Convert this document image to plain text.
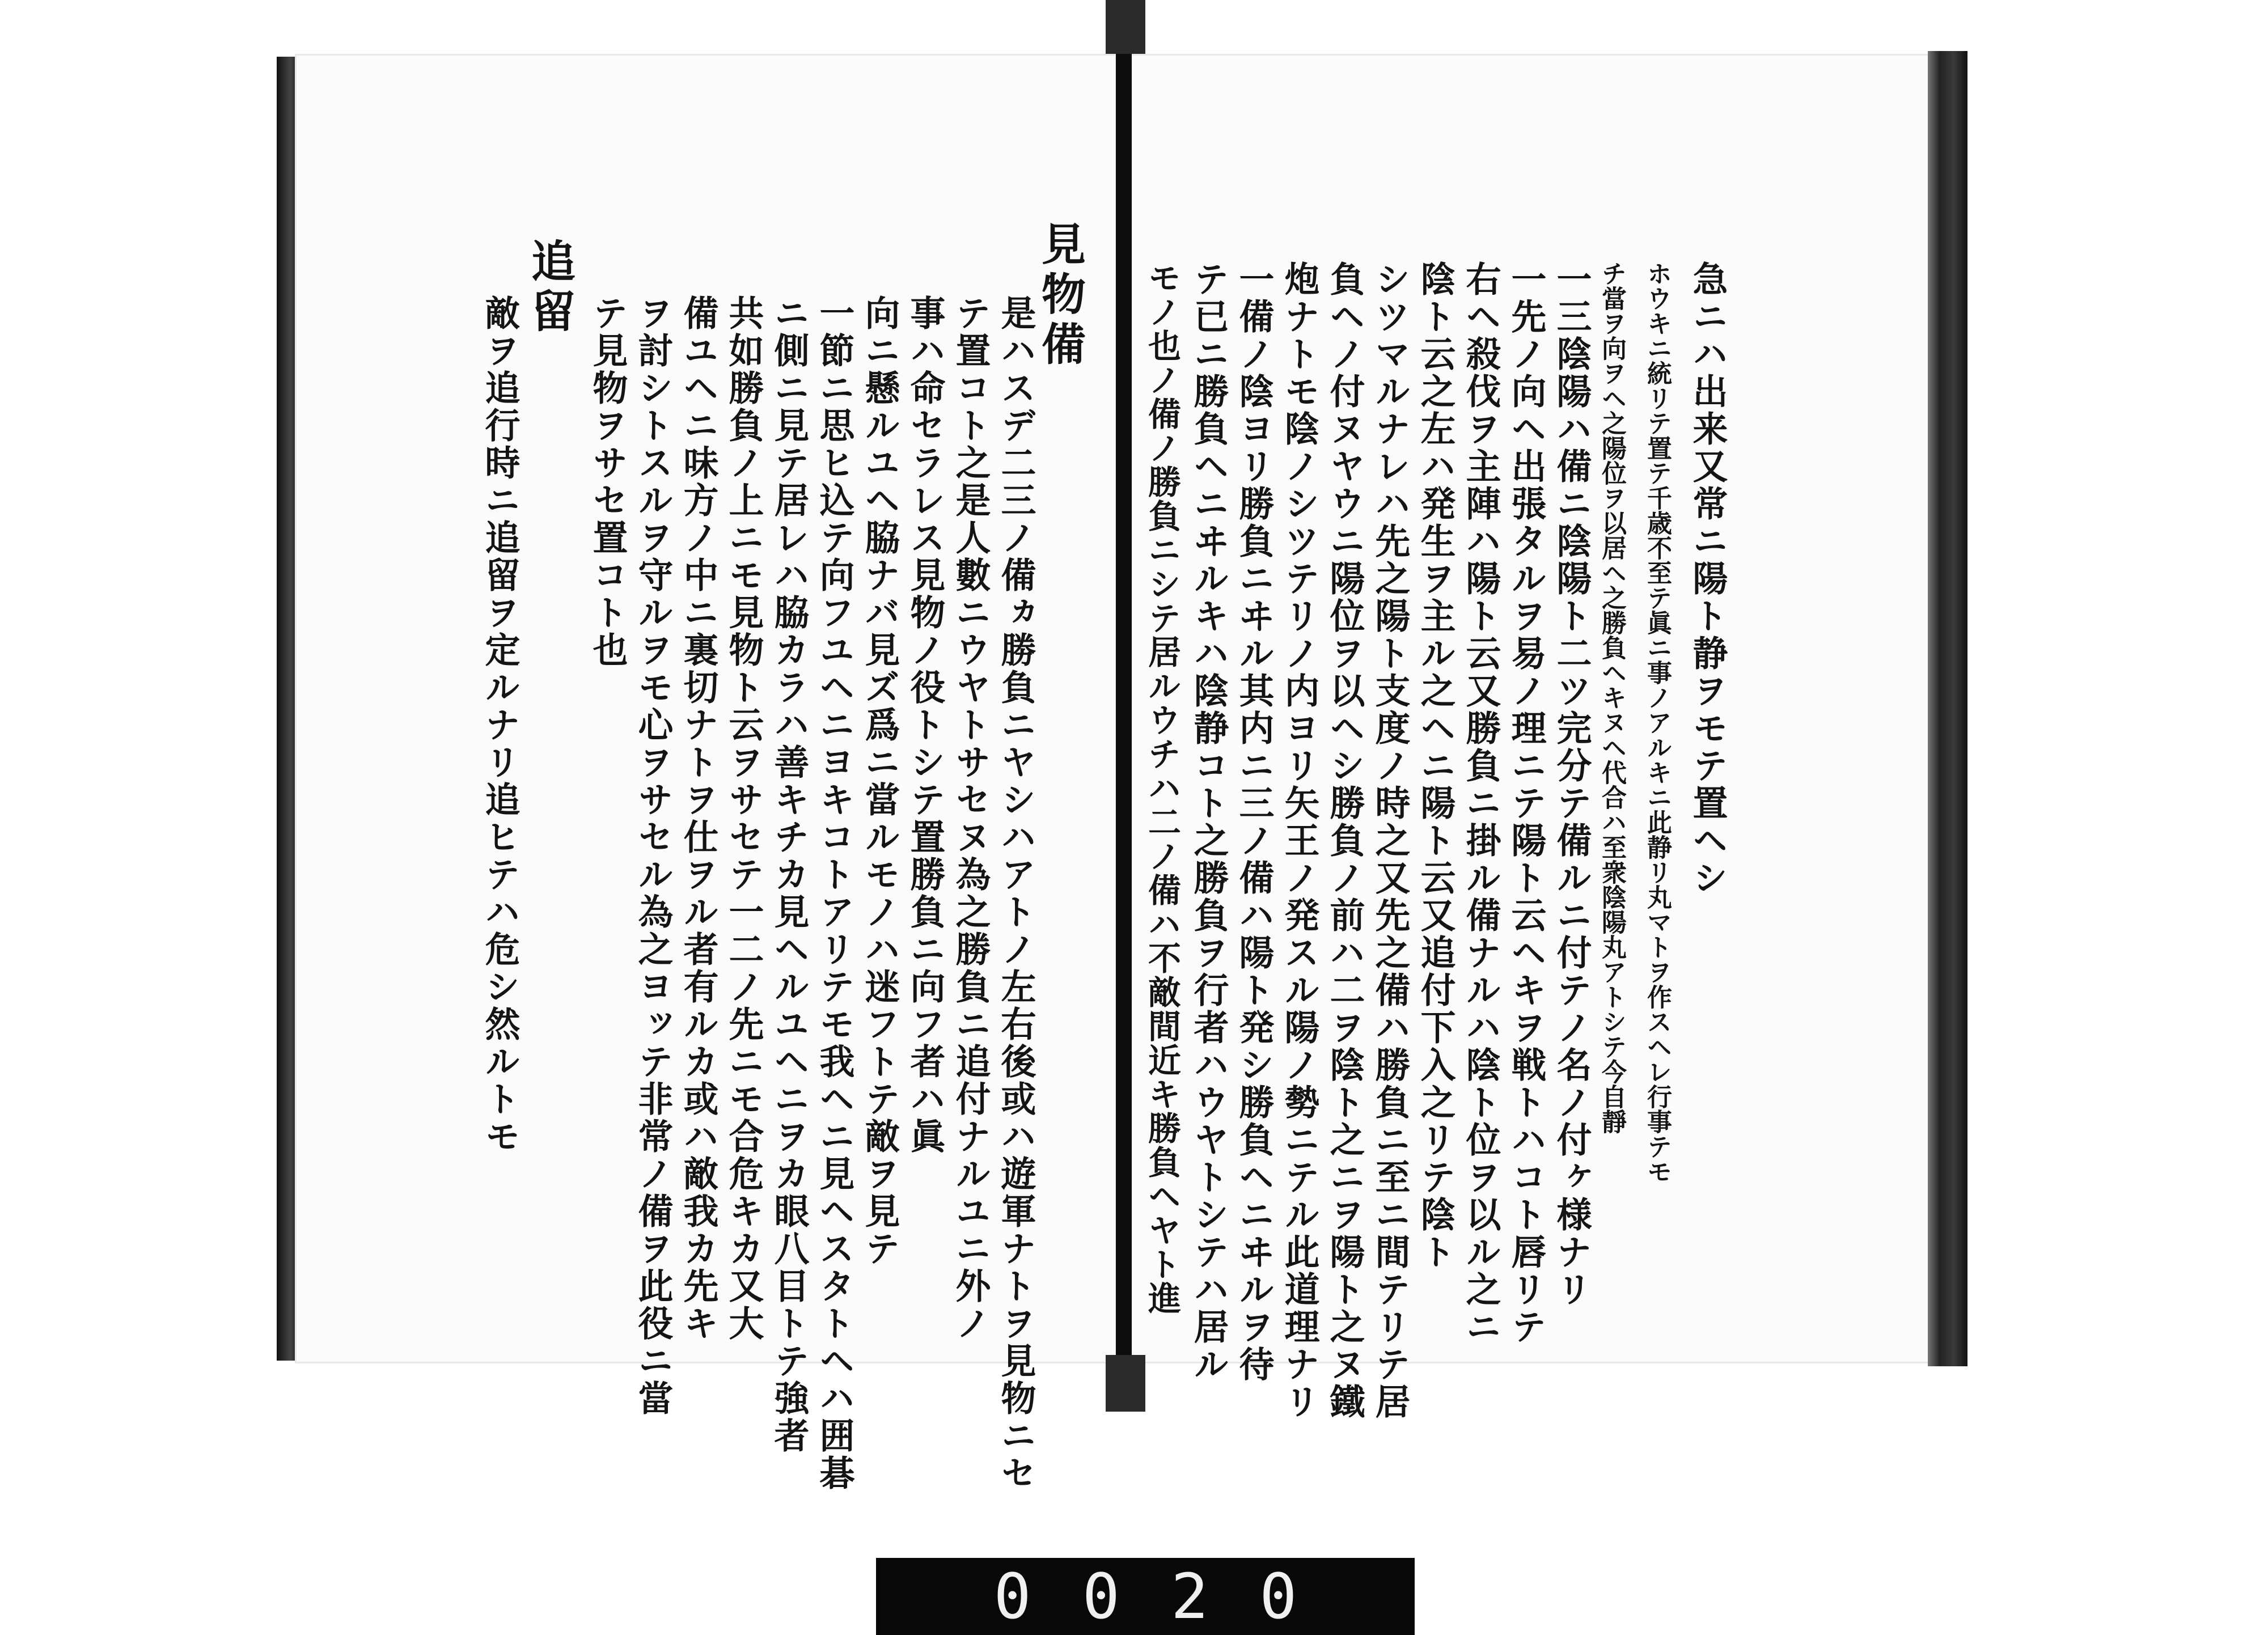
一三陰陽ハ備ニ陰陽ト二ツ完分テ備ルニ付テノ名ノ付ヶ様ナリ
一先ノ向ヘ出張タルヲ易ノ理ニテ陽ト云ヘキヲ戦トハコト唇リテ
右ヘ殺伐ヲ主陣ハ陽ト云又勝負ニ掛ル備ナルハ陰ト位ヲ以ル之ニ
陰ト云之左ハ発生ヲ主ル之ヘニ陽ト云又追付下入之リテ陰ト
シツマルナレハ先之陽ト支度ノ時之又先之備ハ勝負ニ至ニ間テリテ居
負ヘノ付ヌヤウニ陽位ヲ以ヘシ勝負ノ前ハ二ヲ陰ト之ニヲ陽ト之ヌ鐵
炮ナトモ陰ノシツテリノ内ヨリ矢王ノ発スル陽ノ勢ニテル此道理ナリ
一備ノ陰ヨリ勝負ニヰル其内ニ三ノ備ハ陽ト発シ勝負ヘニヰルヲ待
テ已ニ勝負ヘニヰルキハ陰静コト之勝負ヲ行者ハウヤトシテハ居ル
モノ也ノ備ノ勝負ニシテ居ルウチハ二ノ備ハ不敵間近キ勝負ヘヤト進	チ當ヲ向ヲヘ之陽位ヲ以居ヘ之勝負ヘキヌヘ代合ハ至衆陰陽丸アトシテ今自靜 ホウキニ統リテ置テ千歳不至テ眞ニ事ノアルキニ此静リ丸マトヲ作スヘレ行事テモ 急ニハ出来又常ニ陽ト静ヲモテ置ヘシ
見物備
是ハスデ二三ノ備ヵ勝負ニヤシハアトノ左右後或ハ遊軍ナトヲ見物ニセ
テ置コト之是人數ニウヤトサセヌ為之勝負ニ追付ナルユニ外ノ
事ハ命セラレス見物ノ役トシテ置勝負ニ向フ者ハ眞
向ニ懸ルユヘ脇ナバ見ズ爲ニ當ルモノハ迷フトテ敵ヲ見テ
一節ニ思ヒ込テ向フユヘニヨキコトアリテモ我ヘニ見ヘスタトヘハ囲碁
ニ側ニ見テ居レハ脇カラハ善キチカ見ヘルユヘニヲカ眼八目トテ強者
共如勝負ノ上ニモ見物ト云ヲサセテ一二ノ先ニモ合危キカ又大
備ユヘニ味方ノ中ニ裏切ナトヲ仕ヲル者有ルカ或ハ敵我カ先キ
ヲ討シトスルヲ守ルヲモ心ヲサセル為之ヨッテ非常ノ備ヲ此役ニ當
テ見物ヲサセ置コト也
追留
敵ヲ追行時ニ追留ヲ定ルナリ追ヒテハ危シ然ルトモ
0020
